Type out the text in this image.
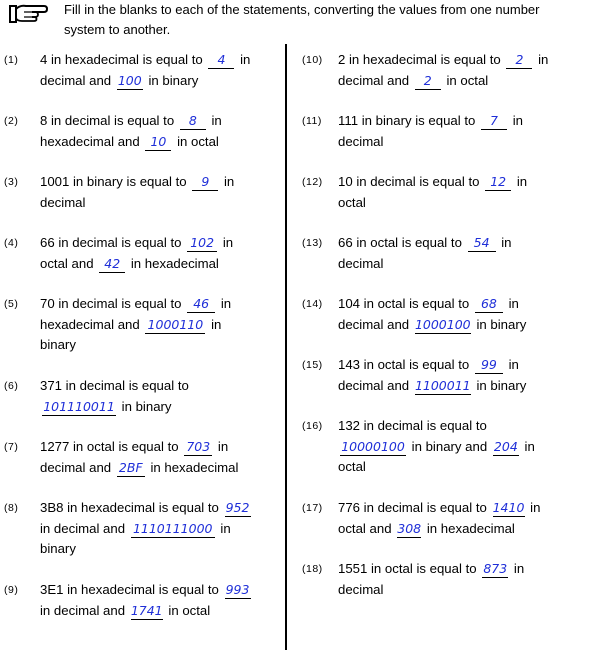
Fill in the blanks to each of the statements, converting the values from one number system to another.
(1) 4 in hexadecimal is equal to 4 in
decimal and 100 in binary
(2) 8 in decimal is equal to 8 in
hexadecimal and 10 in octal
(3) 1001 in binary is equal to 9 in
decimal
(4) 66 in decimal is equal to 102 in
octal and 42 in hexadecimal
(5) 70 in decimal is equal to 46 in
hexadecimal and 1000110 in
binary
(6) 371 in decimal is equal to
101110011 in binary
(7) 1277 in octal is equal to 703 in
decimal and 2BF in hexadecimal
(8) 3B8 in hexadecimal is equal to 952
in decimal and 1110111000 in
binary
(9) 3E1 in hexadecimal is equal to 993
in decimal and 1741 in octal
(10) 2 in hexadecimal is equal to 2 in
decimal and 2 in octal
(11) 111 in binary is equal to 7 in
decimal
(12) 10 in decimal is equal to 12 in
octal
(13) 66 in octal is equal to 54 in
decimal
(14) 104 in octal is equal to 68 in
decimal and 1000100 in binary
(15) 143 in octal is equal to 99 in
decimal and 1100011 in binary
(16) 132 in decimal is equal to
10000100 in binary and 204 in
octal
(17) 776 in decimal is equal to 1410 in
octal and 308 in hexadecimal
(18) 1551 in octal is equal to 873 in
decimal
